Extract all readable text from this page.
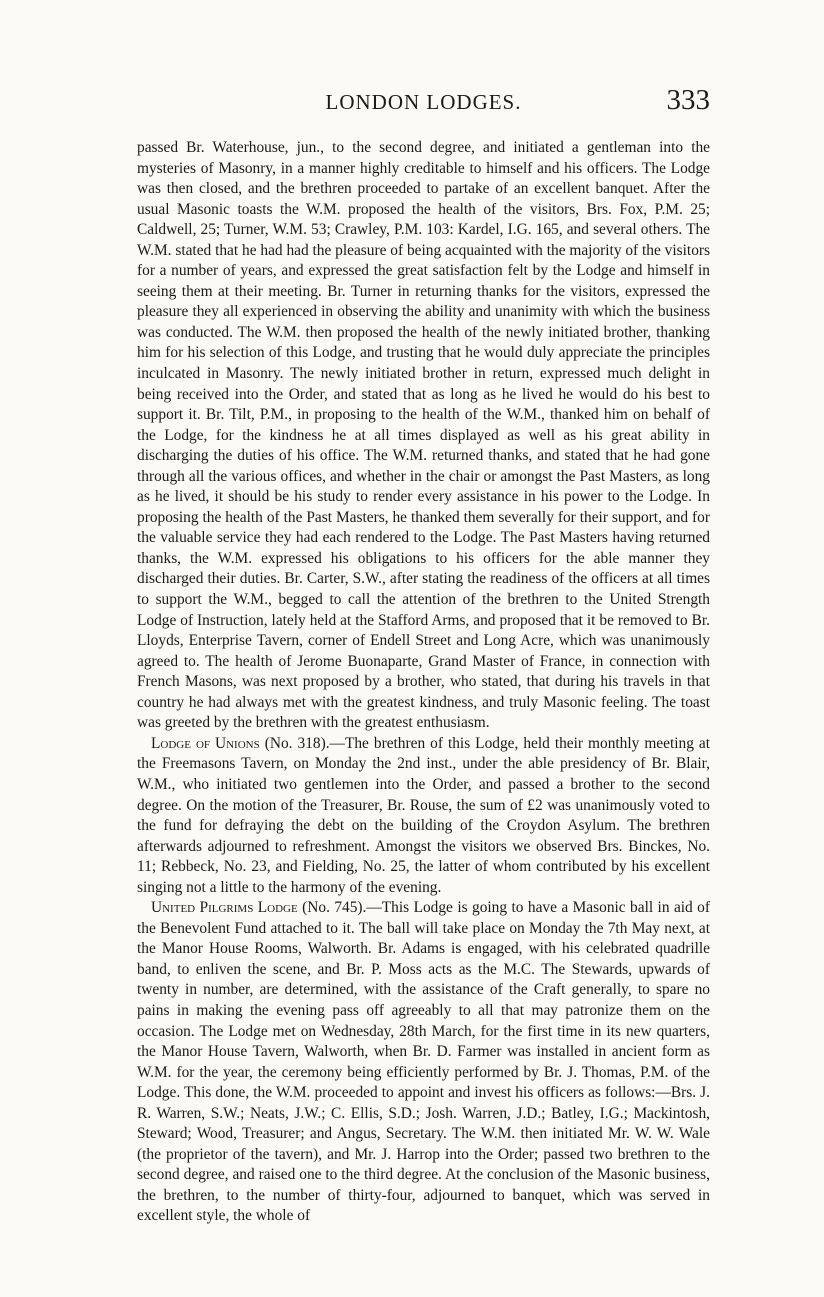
LONDON LODGES.	333

passed Br. Waterhouse, jun., to the second degree, and initiated a gentleman into the mysteries of Masonry, in a manner highly creditable to himself and his officers. The Lodge was then closed, and the brethren proceeded to partake of an excellent banquet. After the usual Masonic toasts the W.M. proposed the health of the visitors, Brs. Fox, P.M. 25; Caldwell, 25; Turner, W.M. 53; Crawley, P.M. 103: Kardel, I.G. 165, and several others. The W.M. stated that he had had the pleasure of being acquainted with the majority of the visitors for a number of years, and expressed the great satisfaction felt by the Lodge and himself in seeing them at their meeting. Br. Turner in returning thanks for the visitors, expressed the pleasure they all experienced in observing the ability and unanimity with which the business was conducted. The W.M. then proposed the health of the newly initiated brother, thanking him for his selection of this Lodge, and trusting that he would duly appreciate the principles inculcated in Masonry. The newly initiated brother in return, expressed much delight in being received into the Order, and stated that as long as he lived he would do his best to support it. Br. Tilt, P.M., in proposing to the health of the W.M., thanked him on behalf of the Lodge, for the kindness he at all times displayed as well as his great ability in discharging the duties of his office. The W.M. returned thanks, and stated that he had gone through all the various offices, and whether in the chair or amongst the Past Masters, as long as he lived, it should be his study to render every assistance in his power to the Lodge. In proposing the health of the Past Masters, he thanked them severally for their support, and for the valuable service they had each rendered to the Lodge. The Past Masters having returned thanks, the W.M. expressed his obligations to his officers for the able manner they discharged their duties. Br. Carter, S.W., after stating the readiness of the officers at all times to support the W.M., begged to call the attention of the brethren to the United Strength Lodge of Instruction, lately held at the Stafford Arms, and proposed that it be removed to Br. Lloyds, Enterprise Tavern, corner of Endell Street and Long Acre, which was unanimously agreed to. The health of Jerome Buonaparte, Grand Master of France, in connection with French Masons, was next proposed by a brother, who stated, that during his travels in that country he had always met with the greatest kindness, and truly Masonic feeling. The toast was greeted by the brethren with the greatest enthusiasm.

Lodge of Unions (No. 318).—The brethren of this Lodge, held their monthly meeting at the Freemasons Tavern, on Monday the 2nd inst., under the able presidency of Br. Blair, W.M., who initiated two gentlemen into the Order, and passed a brother to the second degree. On the motion of the Treasurer, Br. Rouse, the sum of £2 was unanimously voted to the fund for defraying the debt on the building of the Croydon Asylum. The brethren afterwards adjourned to refreshment. Amongst the visitors we observed Brs. Binckes, No. 11; Rebbeck, No. 23, and Fielding, No. 25, the latter of whom contributed by his excellent singing not a little to the harmony of the evening.

United Pilgrims Lodge (No. 745).—This Lodge is going to have a Masonic ball in aid of the Benevolent Fund attached to it. The ball will take place on Monday the 7th May next, at the Manor House Rooms, Walworth. Br. Adams is engaged, with his celebrated quadrille band, to enliven the scene, and Br. P. Moss acts as the M.C. The Stewards, upwards of twenty in number, are determined, with the assistance of the Craft generally, to spare no pains in making the evening pass off agreeably to all that may patronize them on the occasion. The Lodge met on Wednesday, 28th March, for the first time in its new quarters, the Manor House Tavern, Walworth, when Br. D. Farmer was installed in ancient form as W.M. for the year, the ceremony being efficiently performed by Br. J. Thomas, P.M. of the Lodge. This done, the W.M. proceeded to appoint and invest his officers as follows:—Brs. J. R. Warren, S.W.; Neats, J.W.; C. Ellis, S.D.; Josh. Warren, J.D.; Batley, I.G.; Mackintosh, Steward; Wood, Treasurer; and Angus, Secretary. The W.M. then initiated Mr. W. W. Wale (the proprietor of the tavern), and Mr. J. Harrop into the Order; passed two brethren to the second degree, and raised one to the third degree. At the conclusion of the Masonic business, the brethren, to the number of thirty-four, adjourned to banquet, which was served in excellent style, the whole of
